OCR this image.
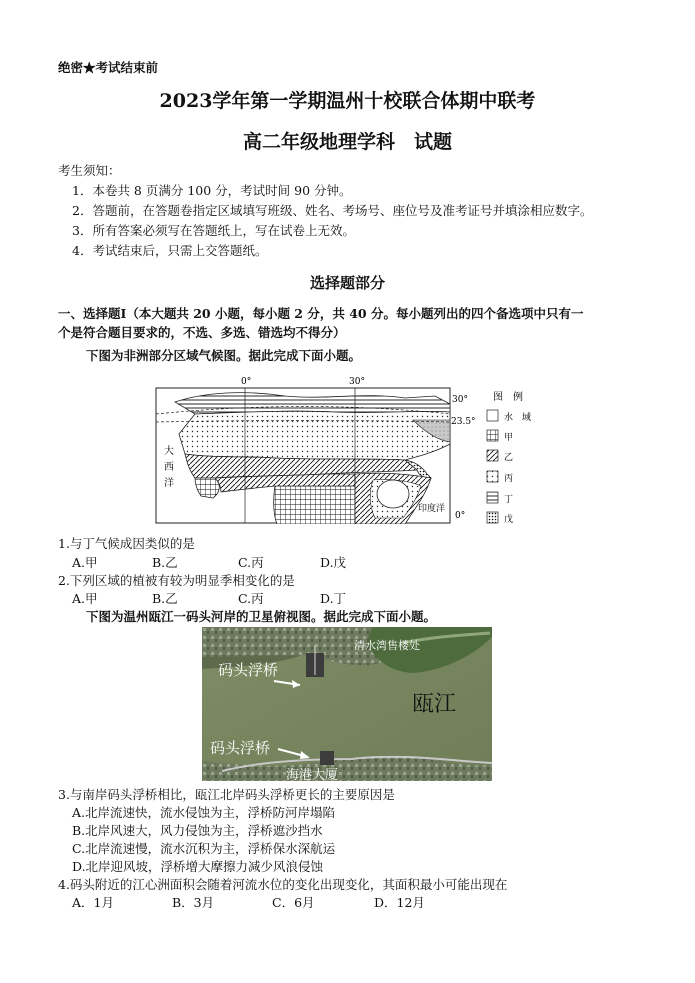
绝密★考试结束前
2023学年第一学期温州十校联合体期中联考
高二年级地理学科　试题
考生须知：
1．本卷共 8 页满分 100 分，考试时间 90 分钟。
2．答题前，在答题卷指定区域填写班级、姓名、考场号、座位号及准考证号并填涂相应数字。
3．所有答案必须写在答题纸上，写在试卷上无效。
4．考试结束后，只需上交答题纸。
选择题部分
一、选择题Ⅰ（本大题共 20 小题，每小题 2 分，共 40 分。每小题列出的四个备选项中只有一
个是符合题目要求的，不选、多选、错选均不得分）
下图为非洲部分区域气候图。据此完成下面小题。
0°	30°
30°
23.5°
0°
大
西
洋
印度洋
图　例
水　域
甲
乙
丙
丁
戊
1.与丁气候成因类似的是
A.甲	B.乙	C.丙	D.戊
2.下列区域的植被有较为明显季相变化的是
A.甲	B.乙	C.丙	D.丁
下图为温州瓯江一码头河岸的卫星俯视图。据此完成下面小题。
清水湾售楼处
码头浮桥
瓯江
码头浮桥
海港大厦
3.与南岸码头浮桥相比，瓯江北岸码头浮桥更长的主要原因是
A.北岸流速快，流水侵蚀为主，浮桥防河岸塌陷
B.北岸风速大，风力侵蚀为主，浮桥遮沙挡水
C.北岸流速慢，流水沉积为主，浮桥保水深航运
D.北岸迎风坡，浮桥增大摩擦力减少风浪侵蚀
4.码头附近的江心洲面积会随着河流水位的变化出现变化，其面积最小可能出现在
A．1月	B．3月	C．6月	D．12月
